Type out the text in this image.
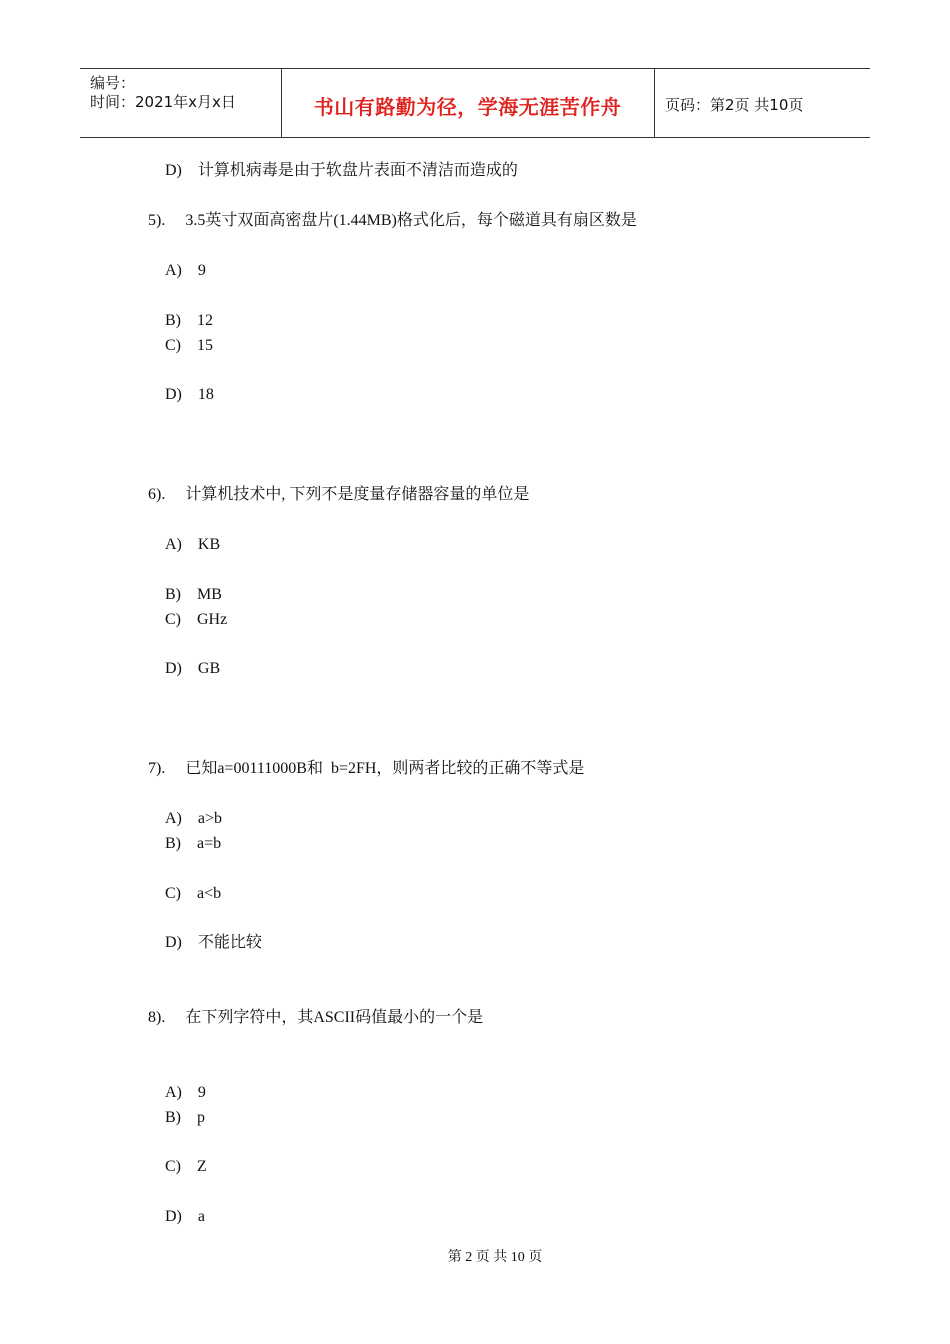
编号：
时间：2021年x月x日	书山有路勤为径，学海无涯苦作舟	页码：第2页 共10页
D)    计算机病毒是由于软盘片表面不清洁而造成的
5).     3.5英寸双面高密盘片(1.44MB)格式化后，每个磁道具有扇区数是
A)    9
B)    12
C)    15
D)    18
6).     计算机技术中, 下列不是度量存储器容量的单位是
A)    KB
B)    MB
C)    GHz
D)    GB
7).     已知a=00111000B和  b=2FH，则两者比较的正确不等式是
A)    a>b
B)    a=b
C)    a<b
D)    不能比较
8).     在下列字符中，其ASCII码值最小的一个是
A)    9
B)    p
C)    Z
D)    a
第 2 页 共 10 页
